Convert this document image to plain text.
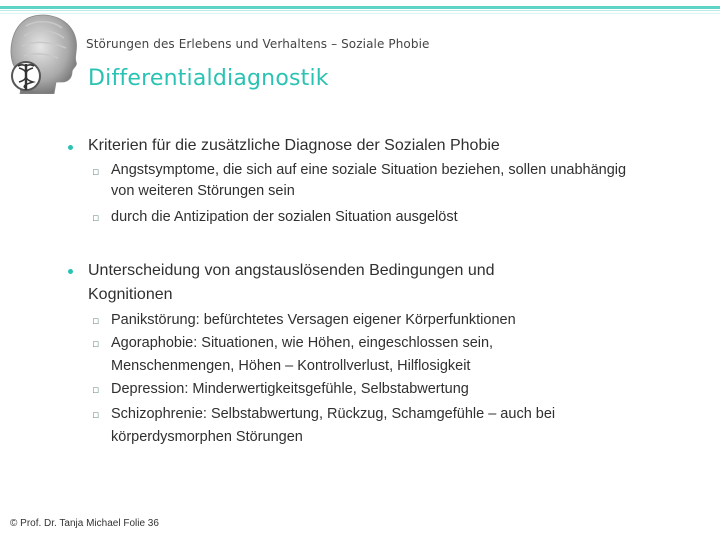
Störungen des Erlebens und Verhaltens – Soziale Phobie
Differentialdiagnostik
Kriterien für die zusätzliche Diagnose der Sozialen Phobie
▫ Angstsymptome, die sich auf eine soziale Situation beziehen, sollen unabhängig von weiteren Störungen sein
▫ durch die Antizipation der sozialen Situation ausgelöst
Unterscheidung von angstauslösenden Bedingungen und Kognitionen
▫ Panikstörung: befürchtetes Versagen eigener Körperfunktionen
▫ Agoraphobie: Situationen, wie Höhen, eingeschlossen sein, Menschenmengen, Höhen – Kontrollverlust, Hilflosigkeit
▫ Depression: Minderwertigkeitsgefühle, Selbstabwertung
▫ Schizophrenie: Selbstabwertung, Rückzug, Schamgefühle – auch bei körperdysmorphen Störungen
© Prof. Dr. Tanja Michael Folie 36
